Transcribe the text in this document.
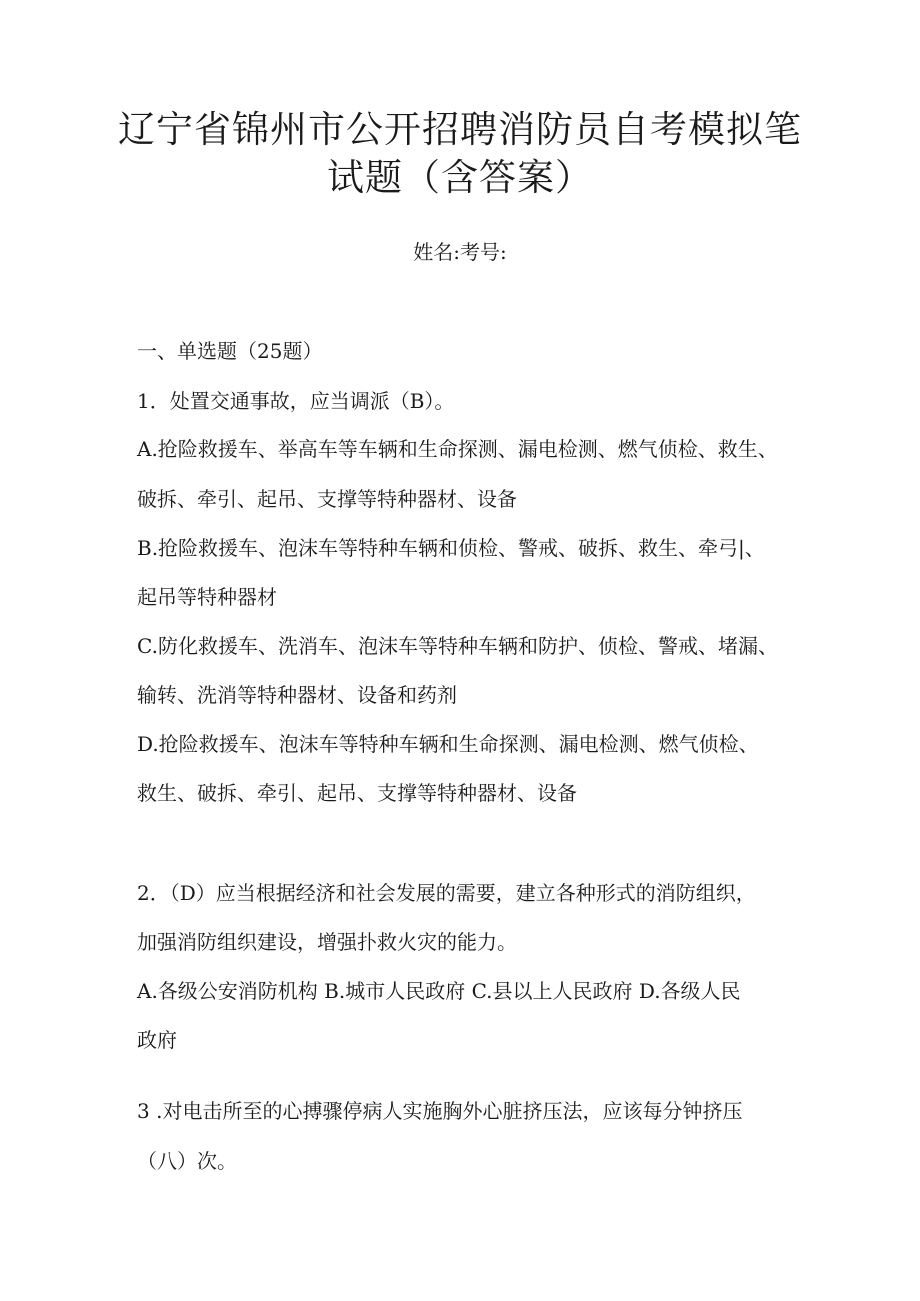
辽宁省锦州市公开招聘消防员自考模拟笔
试题（含答案）
姓名:考号:
一、单选题（25题）
1．处置交通事故，应当调派（B）。
A.抢险救援车、举高车等车辆和生命探测、漏电检测、燃气侦检、救生、
破拆、牵引、起吊、支撑等特种器材、设备
B.抢险救援车、泡沫车等特种车辆和侦检、警戒、破拆、救生、牵弓|、
起吊等特种器材
C.防化救援车、洗消车、泡沫车等特种车辆和防护、侦检、警戒、堵漏、
输转、洗消等特种器材、设备和药剂
D.抢险救援车、泡沫车等特种车辆和生命探测、漏电检测、燃气侦检、
救生、破拆、牵引、起吊、支撑等特种器材、设备
2．（D）应当根据经济和社会发展的需要，建立各种形式的消防组织，
加强消防组织建设，增强扑救火灾的能力。
A.各级公安消防机构 B.城市人民政府 C.县以上人民政府 D.各级人民
政府
3 .对电击所至的心搏骤停病人实施胸外心脏挤压法，应该每分钟挤压
（八）次。
